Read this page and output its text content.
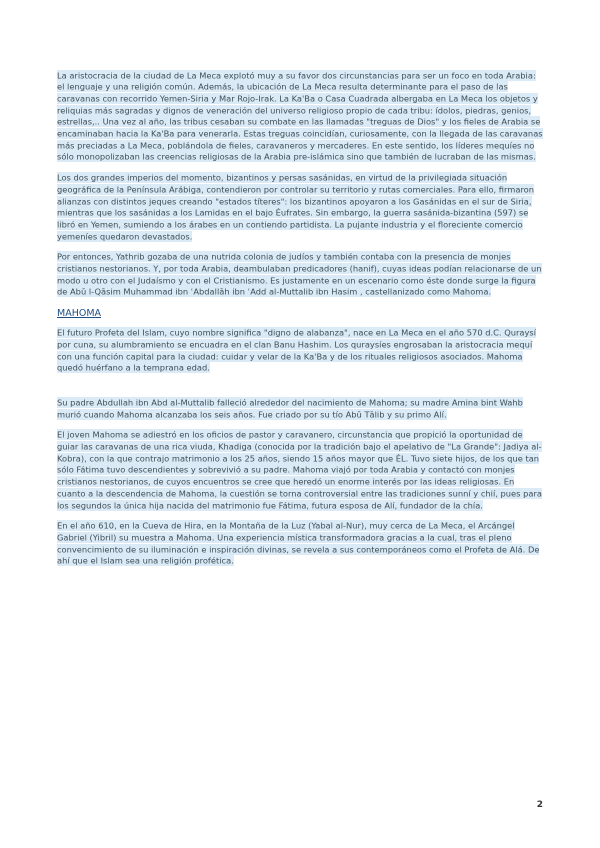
La aristocracia de la ciudad de La Meca explotó muy a su favor dos circunstancias para ser un foco en toda Arabia: el lenguaje y una religión común. Además, la ubicación de La Meca resulta determinante para el paso de las caravanas con recorrido Yemen-Siria y Mar Rojo-Irak. La Ka'Ba o Casa Cuadrada albergaba en La Meca los objetos y reliquias más sagradas y dignos de veneración del universo religioso propio de cada tribu: ídolos, piedras, genios, estrellas,.. Una vez al año, las tribus cesaban su combate en las llamadas "treguas de Dios" y los fieles de Arabia se encaminaban hacia la Ka'Ba para venerarla. Estas treguas coincidían, curiosamente, con la llegada de las caravanas más preciadas a La Meca, poblándola de fieles, caravaneros y mercaderes. En este sentido, los líderes mequíes no sólo monopolizaban las creencias religiosas de la Arabia pre-islámica sino que también de lucraban de las mismas.

Los dos grandes imperios del momento, bizantinos y persas sasánidas, en virtud de la privilegiada situación geográfica de la Península Arábiga, contendieron por controlar su territorio y rutas comerciales. Para ello, firmaron alianzas con distintos jeques creando "estados títeres": los bizantinos apoyaron a los Gasánidas en el sur de Siria, mientras que los sasánidas a los Lamidas en el bajo Éufrates. Sin embargo, la guerra sasánida-bizantina (597) se libró en Yemen, sumiendo a los árabes en un contiendo partidista. La pujante industria y el floreciente comercio yemeníes quedaron devastados.

Por entonces, Yathrib gozaba de una nutrida colonia de judíos y también contaba con la presencia de monjes cristianos nestorianos. Y, por toda Arabia, deambulaban predicadores (hanif), cuyas ideas podían relacionarse de un modo u otro con el Judaísmo y con el Cristianismo. Es justamente en un escenario como éste donde surge la figura de Abū l-Qāsim Muhammad ibn ʿAbdallāh ibn ʿAdd al-Muttalib ibn Hasim , castellanizado como Mahoma.

MAHOMA

El futuro Profeta del Islam, cuyo nombre significa "digno de alabanza", nace en La Meca en el año 570 d.C. Quraysí por cuna, su alumbramiento se encuadra en el clan Banu Hashim. Los quraysíes engrosaban la aristocracia mequí con una función capital para la ciudad: cuidar y velar de la Ka'Ba y de los rituales religiosos asociados. Mahoma quedó huérfano a la temprana edad.

Su padre Abdullah ibn Abd al-Muttalib falleció alrededor del nacimiento de Mahoma; su madre Amina bint Wahb murió cuando Mahoma alcanzaba los seis años. Fue criado por su tío Abū Tālib y su primo Alí.

El joven Mahoma se adiestró en los oficios de pastor y caravanero, circunstancia que propició la oportunidad de guiar las caravanas de una rica viuda, Khadiga (conocida por la tradición bajo el apelativo de "La Grande": Jadiya al-Kobra), con la que contrajo matrimonio a los 25 años, siendo 15 años mayor que ÉL. Tuvo siete hijos, de los que tan sólo Fátima tuvo descendientes y sobrevivió a su padre. Mahoma viajó por toda Arabia y contactó con monjes cristianos nestorianos, de cuyos encuentros se cree que heredó un enorme interés por las ideas religiosas. En cuanto a la descendencia de Mahoma, la cuestión se torna controversial entre las tradiciones sunní y chií, pues para los segundos la única hija nacida del matrimonio fue Fátima, futura esposa de Alí, fundador de la chía.

En el año 610, en la Cueva de Hira, en la Montaña de la Luz (Yabal al-Nur), muy cerca de La Meca, el Arcángel Gabriel (Yibril) su muestra a Mahoma. Una experiencia mística transformadora gracias a la cual, tras el pleno convencimiento de su iluminación e inspiración divinas, se revela a sus contemporáneos como el Profeta de Alá. De ahí que el Islam sea una religión profética.

2
